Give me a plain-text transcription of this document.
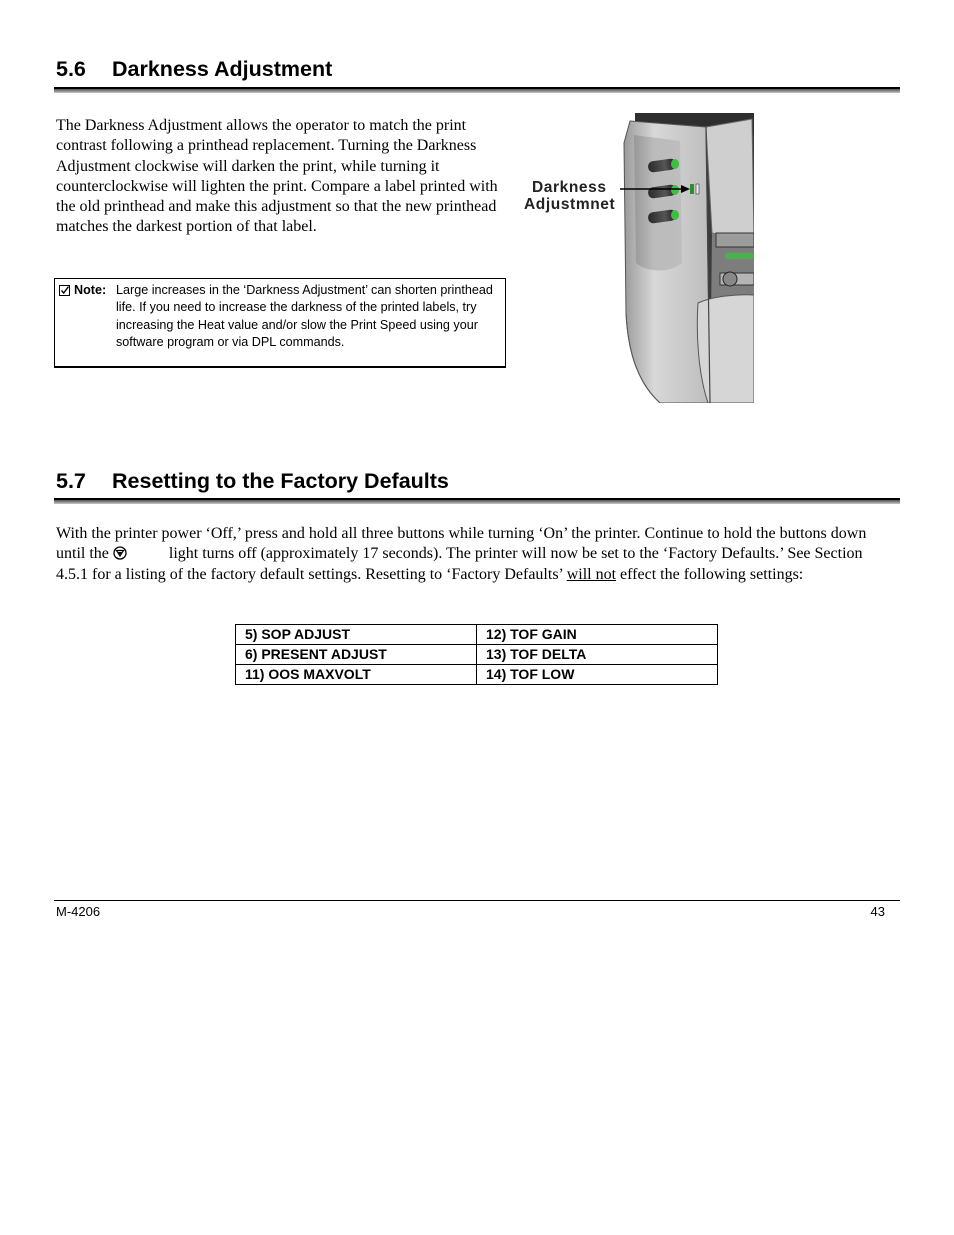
5.6 Darkness Adjustment

The Darkness Adjustment allows the operator to match the print contrast following a printhead replacement. Turning the Darkness Adjustment clockwise will darken the print, while turning it counterclockwise will lighten the print. Compare a label printed with the old printhead and make this adjustment so that the new printhead matches the darkest portion of that label.

Note: Large increases in the ‘Darkness Adjustment’ can shorten printhead life. If you need to increase the darkness of the printed labels, try increasing the Heat value and/or slow the Print Speed using your software program or via DPL commands.
Darkness
Adjustmnet
5.7 Resetting to the Factory Defaults

With the printer power ‘Off,’ press and hold all three buttons while turning ‘On’ the printer. Continue to hold the buttons down until the	light turns off (approximately 17 seconds). The printer will now be set to the ‘Factory Defaults.’ See Section 4.5.1 for a listing of the factory default settings. Resetting to ‘Factory Defaults’ will not effect the following settings:

5) SOP ADJUST	12) TOF GAIN
6) PRESENT ADJUST	13) TOF DELTA
11) OOS MAXVOLT	14) TOF LOW
M-4206	43
